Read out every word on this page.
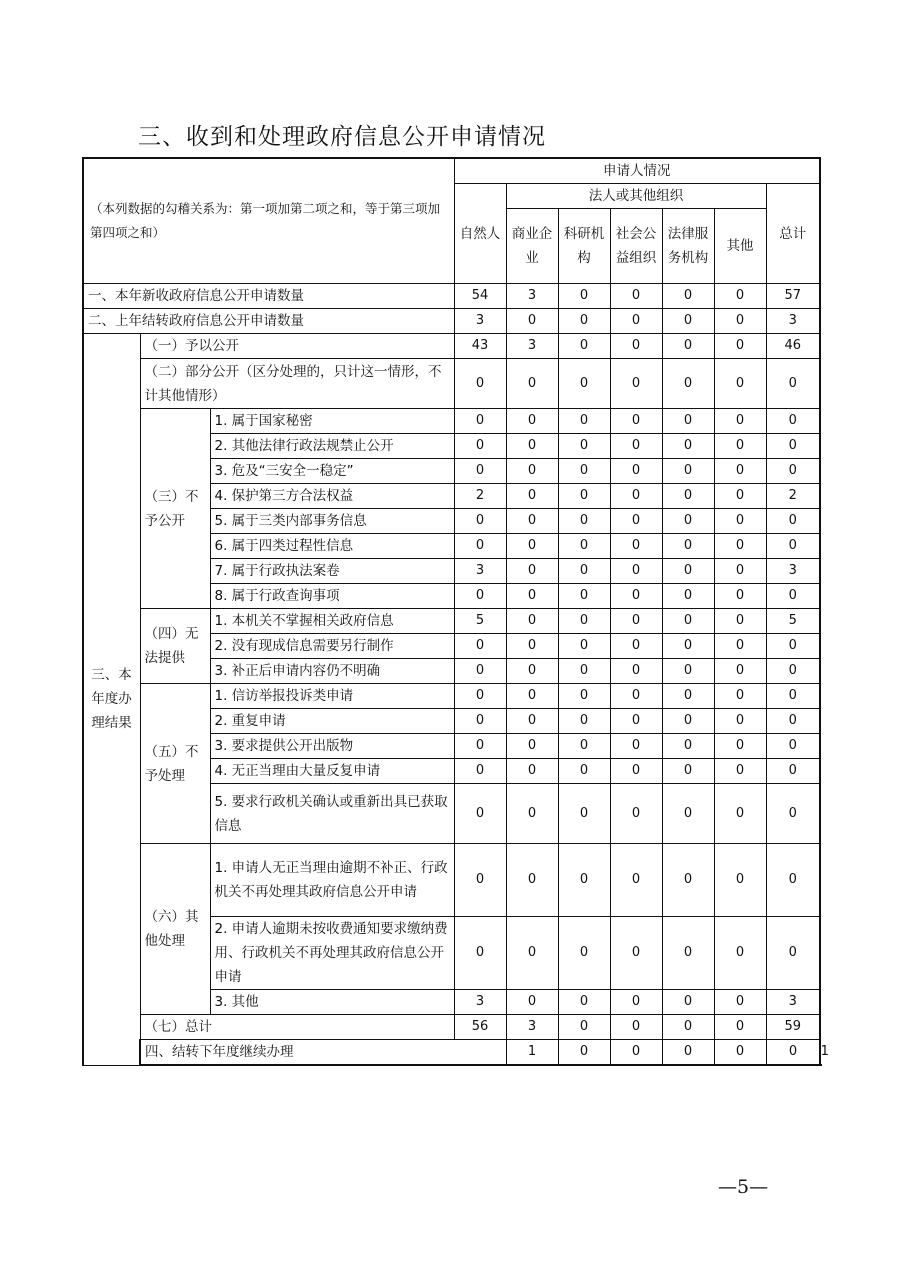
三、收到和处理政府信息公开申请情况
（本列数据的勾稽关系为：第一项加第二项之和，等于第三项加第四项之和）			申请人情况							
			自然人	法人或其他组织					总计	
				商业企业	科研机构	社会公益组织	法律服务机构	其他		
一、本年新收政府信息公开申请数量			54	3	0	0	0	0	57	
二、上年结转政府信息公开申请数量			3	0	0	0	0	0	3	
三、本年度办理结果	（一）予以公开		43	3	0	0	0	0	46	
	（二）部分公开（区分处理的，只计这一情形，不计其他情形）		0	0	0	0	0	0	0	
	（三）不予公开	1. 属于国家秘密	0	0	0	0	0	0	0	
		2. 其他法律行政法规禁止公开	0	0	0	0	0	0	0	
		3. 危及“三安全一稳定”	0	0	0	0	0	0	0	
		4. 保护第三方合法权益	2	0	0	0	0	0	2	
		5. 属于三类内部事务信息	0	0	0	0	0	0	0	
		6. 属于四类过程性信息	0	0	0	0	0	0	0	
		7. 属于行政执法案卷	3	0	0	0	0	0	3	
		8. 属于行政查询事项	0	0	0	0	0	0	0	
	（四）无法提供	1. 本机关不掌握相关政府信息	5	0	0	0	0	0	5	
		2. 没有现成信息需要另行制作	0	0	0	0	0	0	0	
		3. 补正后申请内容仍不明确	0	0	0	0	0	0	0	
	（五）不予处理	1. 信访举报投诉类申请	0	0	0	0	0	0	0	
		2. 重复申请	0	0	0	0	0	0	0	
		3. 要求提供公开出版物	0	0	0	0	0	0	0	
		4. 无正当理由大量反复申请	0	0	0	0	0	0	0	
		5. 要求行政机关确认或重新出具已获取信息	0	0	0	0	0	0	0	
	（六）其他处理	1. 申请人无正当理由逾期不补正、行政机关不再处理其政府信息公开申请	0	0	0	0	0	0	0	
		2. 申请人逾期未按收费通知要求缴纳费用、行政机关不再处理其政府信息公开申请	0	0	0	0	0	0	0	
		3. 其他	3	0	0	0	0	0	3	
	（七）总计		56	3	0	0	0	0	59	
	四、结转下年度继续办理			1	0	0	0	0	0	1
—5—
